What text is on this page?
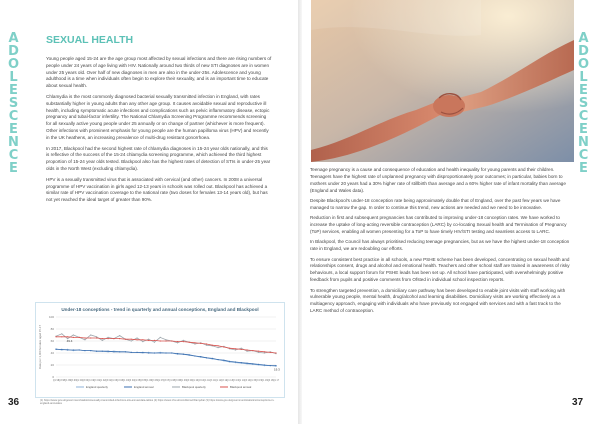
A
D
O
L
E
S
C
E
N
C
E
SEXUAL HEALTH

Young people aged 15-24 are the age group most affected by sexual infections and there are rising numbers of people under 24 years of age living with HIV. Nationally around two thirds of new STI diagnoses are in women under 25 years old. Over half of new diagnoses in men are also in the under-25s. Adolescence and young adulthood is a time when individuals often begin to explore their sexuality, and is an important time to educate about sexual health.

Chlamydia is the most commonly diagnosed bacterial sexually transmitted infection in England, with rates substantially higher in young adults than any other age group. It causes avoidable sexual and reproductive ill health, including symptomatic acute infections and complications such as pelvic inflammatory disease, ectopic pregnancy and tubal-factor infertility. The National Chlamydia Screening Programme recommends screening for all sexually active young people under 25 annually or on change of partner (whichever is more frequent). Other infections with prominent emphasis for young people are the human papilloma virus (HPV) and recently in the UK heathens, an increasing prevalence of multi-drug resistant gonorrhoea.

In 2017, Blackpool had the second highest rate of chlamydia diagnoses in 15-24 year olds nationally, and this is reflective of the success of the 15-24 chlamydia screening programme, which achieved the third highest proportion of 15-24 year olds tested. Blackpool also has the highest rates of detection of STIs in under-25 year olds in the North West (excluding chlamydia).

HPV is a sexually transmitted virus that is associated with cervical (and other) cancers. In 2008 a universal programme of HPV vaccination in girls aged 12-13 years in schools was rolled out. Blackpool has achieved a similar rate of HPV vaccination coverage to the national rate (two doses for females 13-14 years old), but has not yet reached the ideal target of greater than 90%.

Under-18 conceptions - trend in quarterly and annual conceptions, England and Blackpool
0
20
40
60
80
100
Rate per 1,000 females aged 15-17
Q1 98 Q3 98 Q1 99 Q3 99 Q1 00 Q3 00 Q1 01 Q3 01 Q1 02 Q3 02 Q1 03 Q3 03 Q1 04 Q3 04 Q1 05 Q3 05 Q1 06 Q3 06 Q1 07 Q3 07 Q1 08 Q3 08 Q1 09 Q3 09 Q1 10 Q3 10 Q1 11 Q3 11 Q1 12 Q3 12 Q1 13 Q3 13 Q1 14 Q3 14 Q1 15 Q3 15 Q1 16 Q3 16 Q1 17
49.4
19.3
England quarterly	England annual	Blackpool quarterly	Blackpool annual
(1) https://www.gov.uk/government/statistics/sexually-transmitted-infections-stis-annual-data-tables (2) https://www.nhs.uk/conditions/chlamydia/ (3) https://www.gov.uk/government/statistics/conceptions-in-england-and-wales
36
A
D
O
L
E
S
C
E
N
C
E

Teenage pregnancy is a cause and consequence of education and health inequality for young parents and their children. Teenagers have the highest rate of unplanned pregnancy with disproportionately poor outcomes; in particular, babies born to mothers under 20 years had a 30% higher rate of stillbirth than average and a 60% higher rate of infant mortality than average (England and Wales data).

Despite Blackpool's under-18 conception rate being approximately double that of England, over the past few years we have managed to narrow the gap. In order to continue this trend, new actions are needed and we need to be innovative.

Reduction in first and subsequent pregnancies has contributed to improving under-18 conception rates. We have worked to increase the uptake of long-acting reversible contraception (LARC) by co-locating Sexual health and Termination of Pregnancy (ToP) services, enabling all women presenting for a ToP to have timely HIV/STI testing and seamless access to LARC.

In Blackpool, the Council has always prioritised reducing teenage pregnancies, but as we have the highest under-18 conception rate in England, we are redoubling our efforts.

To ensure consistent best practice in all schools, a new PSHE scheme has been developed, concentrating on sexual health and relationships consent, drugs and alcohol and emotional health. Teachers and other school staff are trained in awareness of risky behaviours, a local support forum for PSHE leads has been set up. All school have participated, with overwhelmingly positive feedback from pupils and positive comments from Ofsted in individual school inspection reports.

To strengthen targeted prevention, a domiciliary care pathway has been developed to enable joint visits with staff working with vulnerable young people, mental health, drug/alcohol and learning disabilities. Domiciliary visits are working effectively as a multiagency approach, engaging with individuals who have previously not engaged with services and with a fast track to the LARC method of contraception.

37
